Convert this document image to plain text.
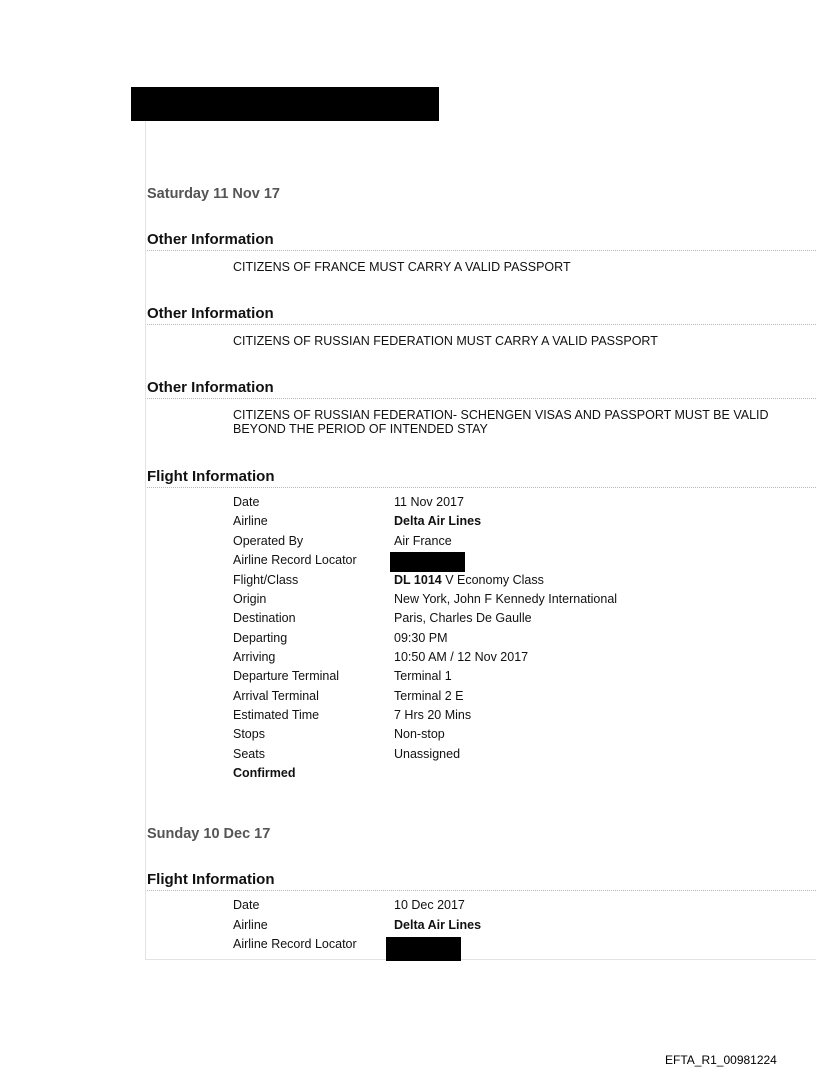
Saturday 11 Nov 17
Other Information
CITIZENS OF FRANCE MUST CARRY A VALID PASSPORT
Other Information
CITIZENS OF RUSSIAN FEDERATION MUST CARRY A VALID PASSPORT
Other Information
CITIZENS OF RUSSIAN FEDERATION- SCHENGEN VISAS AND PASSPORT MUST BE VALID
BEYOND THE PERIOD OF INTENDED STAY
Flight Information
Date	11 Nov 2017
Airline	Delta Air Lines
Operated By	Air France
Airline Record Locator
Flight/Class	DL 1014 V Economy Class
Origin	New York, John F Kennedy International
Destination	Paris, Charles De Gaulle
Departing	09:30 PM
Arriving	10:50 AM / 12 Nov 2017
Departure Terminal	Terminal 1
Arrival Terminal	Terminal 2 E
Estimated Time	7 Hrs 20 Mins
Stops	Non-stop
Seats	Unassigned
Confirmed
Sunday 10 Dec 17
Flight Information
Date	10 Dec 2017
Airline	Delta Air Lines
Airline Record Locator
EFTA_R1_00981224
